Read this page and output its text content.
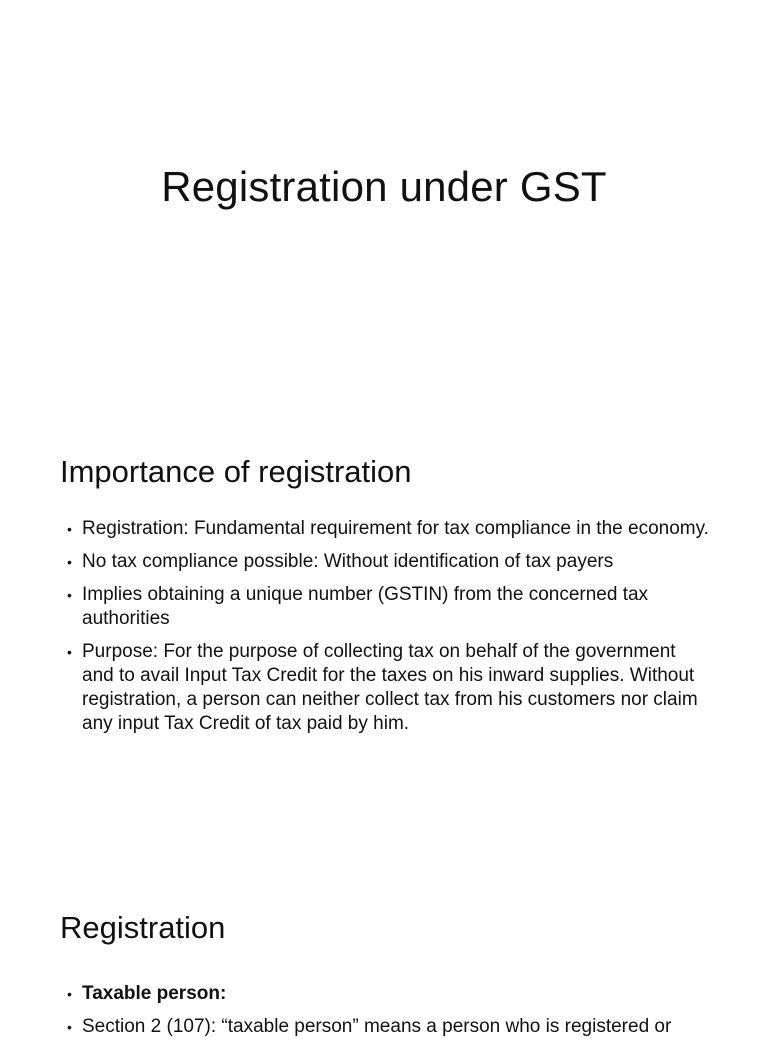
Registration under GST
Importance of registration
• Registration: Fundamental requirement for tax compliance in the economy.
• No tax compliance possible: Without identification of tax payers
• Implies obtaining a unique number (GSTIN) from the concerned tax authorities
• Purpose: For the purpose of collecting tax on behalf of the government and to avail Input Tax Credit for the taxes on his inward supplies. Without registration, a person can neither collect tax from his customers nor claim any input Tax Credit of tax paid by him.
Registration
• Taxable person:
• Section 2 (107): “taxable person” means a person who is registered or
